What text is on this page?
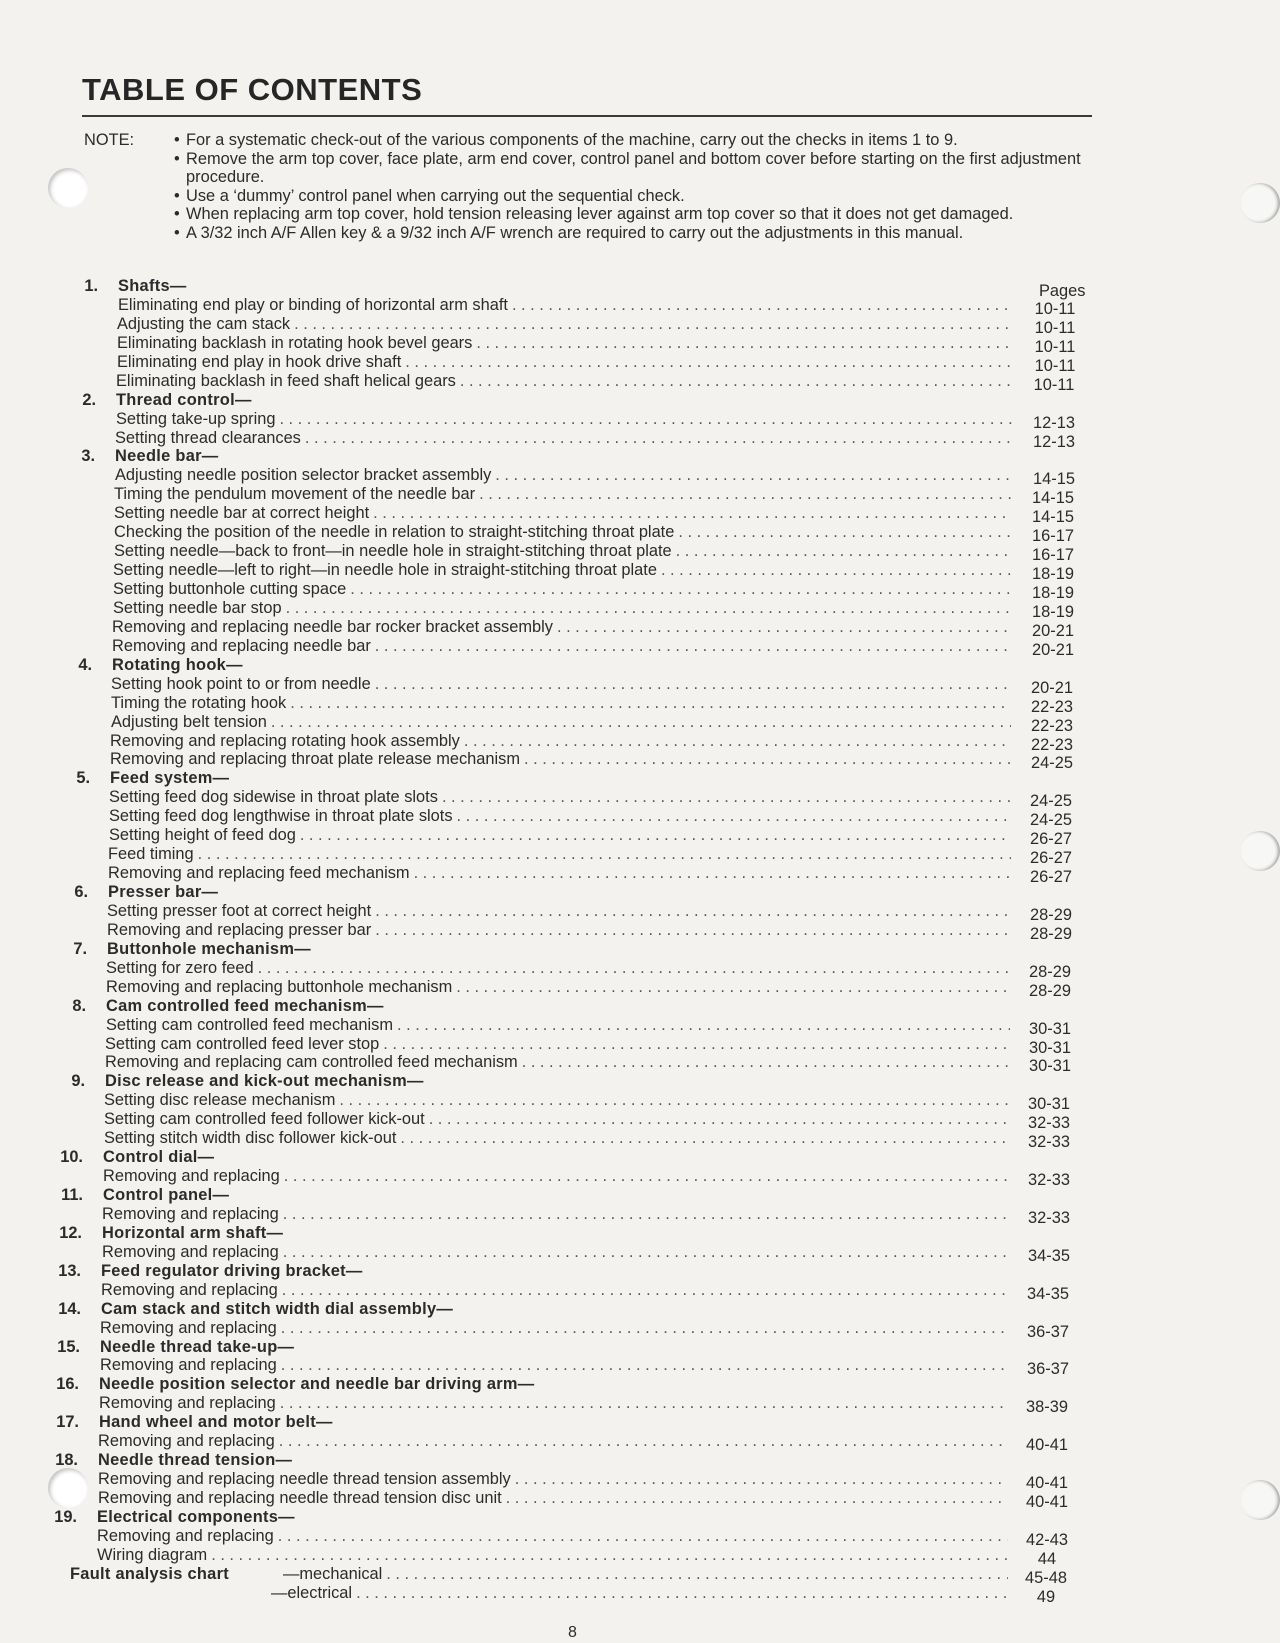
TABLE OF CONTENTS
NOTE:	• For a systematic check-out of the various components of the machine, carry out the checks in items 1 to 9.
• Remove the arm top cover, face plate, arm end cover, control panel and bottom cover before starting on the first adjustment procedure.
• Use a ‘dummy’ control panel when carrying out the sequential check.
• When replacing arm top cover, hold tension releasing lever against arm top cover so that it does not get damaged.
• A 3/32 inch A/F Allen key & a 9/32 inch A/F wrench are required to carry out the adjustments in this manual.
Pages
1. Shafts—
Eliminating end play or binding of horizontal arm shaft . . .	10-11
Adjusting the cam stack . . .	10-11
Eliminating backlash in rotating hook bevel gears . . .	10-11
Eliminating end play in hook drive shaft . . .	10-11
Eliminating backlash in feed shaft helical gears . . .	10-11
2. Thread control—
Setting take-up spring . . .	12-13
Setting thread clearances . . .	12-13
3. Needle bar—
Adjusting needle position selector bracket assembly . . .	14-15
Timing the pendulum movement of the needle bar . . .	14-15
Setting needle bar at correct height . . .	14-15
Checking the position of the needle in relation to straight-stitching throat plate . . .	16-17
Setting needle—back to front—in needle hole in straight-stitching throat plate . . .	16-17
Setting needle—left to right—in needle hole in straight-stitching throat plate . . .	18-19
Setting buttonhole cutting space . . .	18-19
Setting needle bar stop . . .	18-19
Removing and replacing needle bar rocker bracket assembly . . .	20-21
Removing and replacing needle bar . . .	20-21
4. Rotating hook—
Setting hook point to or from needle . . .	20-21
Timing the rotating hook . . .	22-23
Adjusting belt tension . . .	22-23
Removing and replacing rotating hook assembly . . .	22-23
Removing and replacing throat plate release mechanism . . .	24-25
5. Feed system—
Setting feed dog sidewise in throat plate slots . . .	24-25
Setting feed dog lengthwise in throat plate slots . . .	24-25
Setting height of feed dog . . .	26-27
Feed timing . . .	26-27
Removing and replacing feed mechanism . . .	26-27
6. Presser bar—
Setting presser foot at correct height . . .	28-29
Removing and replacing presser bar . . .	28-29
7. Buttonhole mechanism—
Setting for zero feed . . .	28-29
Removing and replacing buttonhole mechanism . . .	28-29
8. Cam controlled feed mechanism—
Setting cam controlled feed mechanism . . .	30-31
Setting cam controlled feed lever stop . . .	30-31
Removing and replacing cam controlled feed mechanism . . .	30-31
9. Disc release and kick-out mechanism—
Setting disc release mechanism . . .	30-31
Setting cam controlled feed follower kick-out . . .	32-33
Setting stitch width disc follower kick-out . . .	32-33
10. Control dial—
Removing and replacing . . .	32-33
11. Control panel—
Removing and replacing . . .	32-33
12. Horizontal arm shaft—
Removing and replacing . . .	34-35
13. Feed regulator driving bracket—
Removing and replacing . . .	34-35
14. Cam stack and stitch width dial assembly—
Removing and replacing . . .	36-37
15. Needle thread take-up—
Removing and replacing . . .	36-37
16. Needle position selector and needle bar driving arm—
Removing and replacing . . .	38-39
17. Hand wheel and motor belt—
Removing and replacing . . .	40-41
18. Needle thread tension—
Removing and replacing needle thread tension assembly . . .	40-41
Removing and replacing needle thread tension disc unit . . .	40-41
19. Electrical components—
Removing and replacing . . .	42-43
Wiring diagram . . .	44
Fault analysis chart	—mechanical . . .	45-48
—electrical . . .	49
8
